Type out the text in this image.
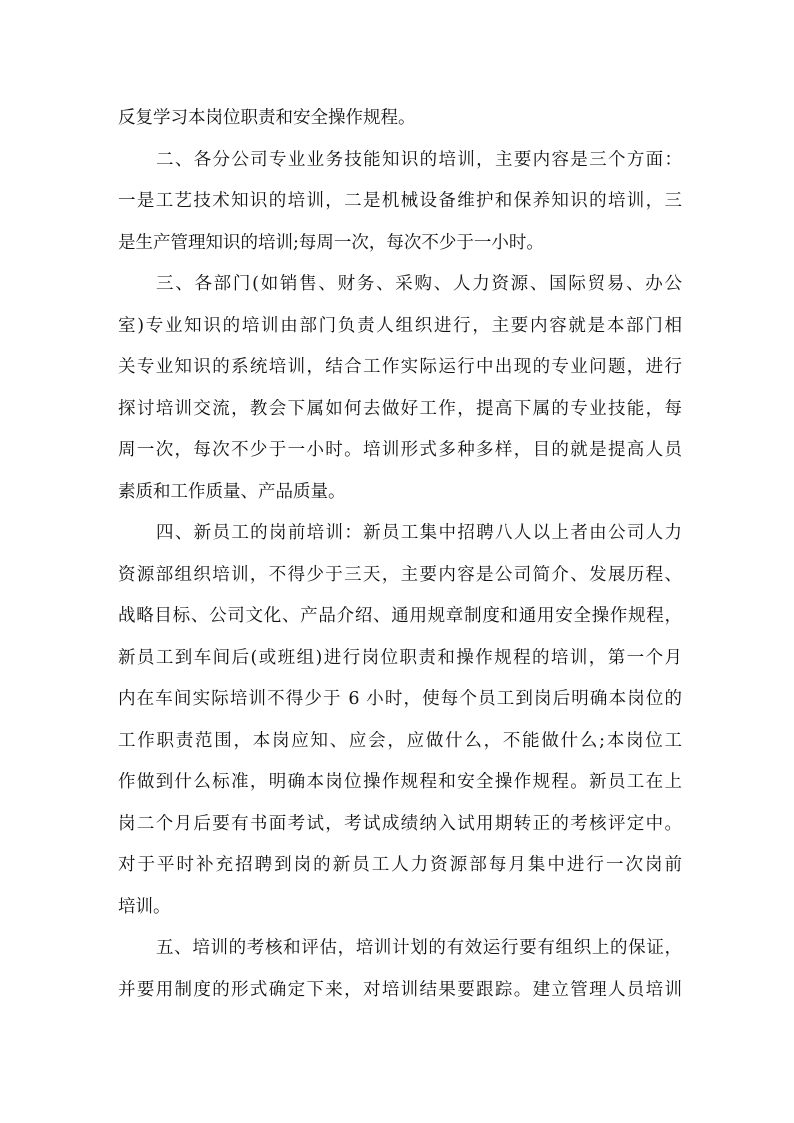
反复学习本岗位职责和安全操作规程。
二、各分公司专业业务技能知识的培训，主要内容是三个方面：
一是工艺技术知识的培训，二是机械设备维护和保养知识的培训，三
是生产管理知识的培训;每周一次，每次不少于一小时。
三、各部门(如销售、财务、采购、人力资源、国际贸易、办公
室)专业知识的培训由部门负责人组织进行，主要内容就是本部门相
关专业知识的系统培训，结合工作实际运行中出现的专业问题，进行
探讨培训交流，教会下属如何去做好工作，提高下属的专业技能，每
周一次，每次不少于一小时。培训形式多种多样，目的就是提高人员
素质和工作质量、产品质量。
四、新员工的岗前培训：新员工集中招聘八人以上者由公司人力
资源部组织培训，不得少于三天，主要内容是公司简介、发展历程、
战略目标、公司文化、产品介绍、通用规章制度和通用安全操作规程，
新员工到车间后(或班组)进行岗位职责和操作规程的培训，第一个月
内在车间实际培训不得少于 6 小时，使每个员工到岗后明确本岗位的
工作职责范围，本岗应知、应会，应做什么，不能做什么;本岗位工
作做到什么标准，明确本岗位操作规程和安全操作规程。新员工在上
岗二个月后要有书面考试，考试成绩纳入试用期转正的考核评定中。
对于平时补充招聘到岗的新员工人力资源部每月集中进行一次岗前
培训。
五、培训的考核和评估，培训计划的有效运行要有组织上的保证，
并要用制度的形式确定下来，对培训结果要跟踪。建立管理人员培训
